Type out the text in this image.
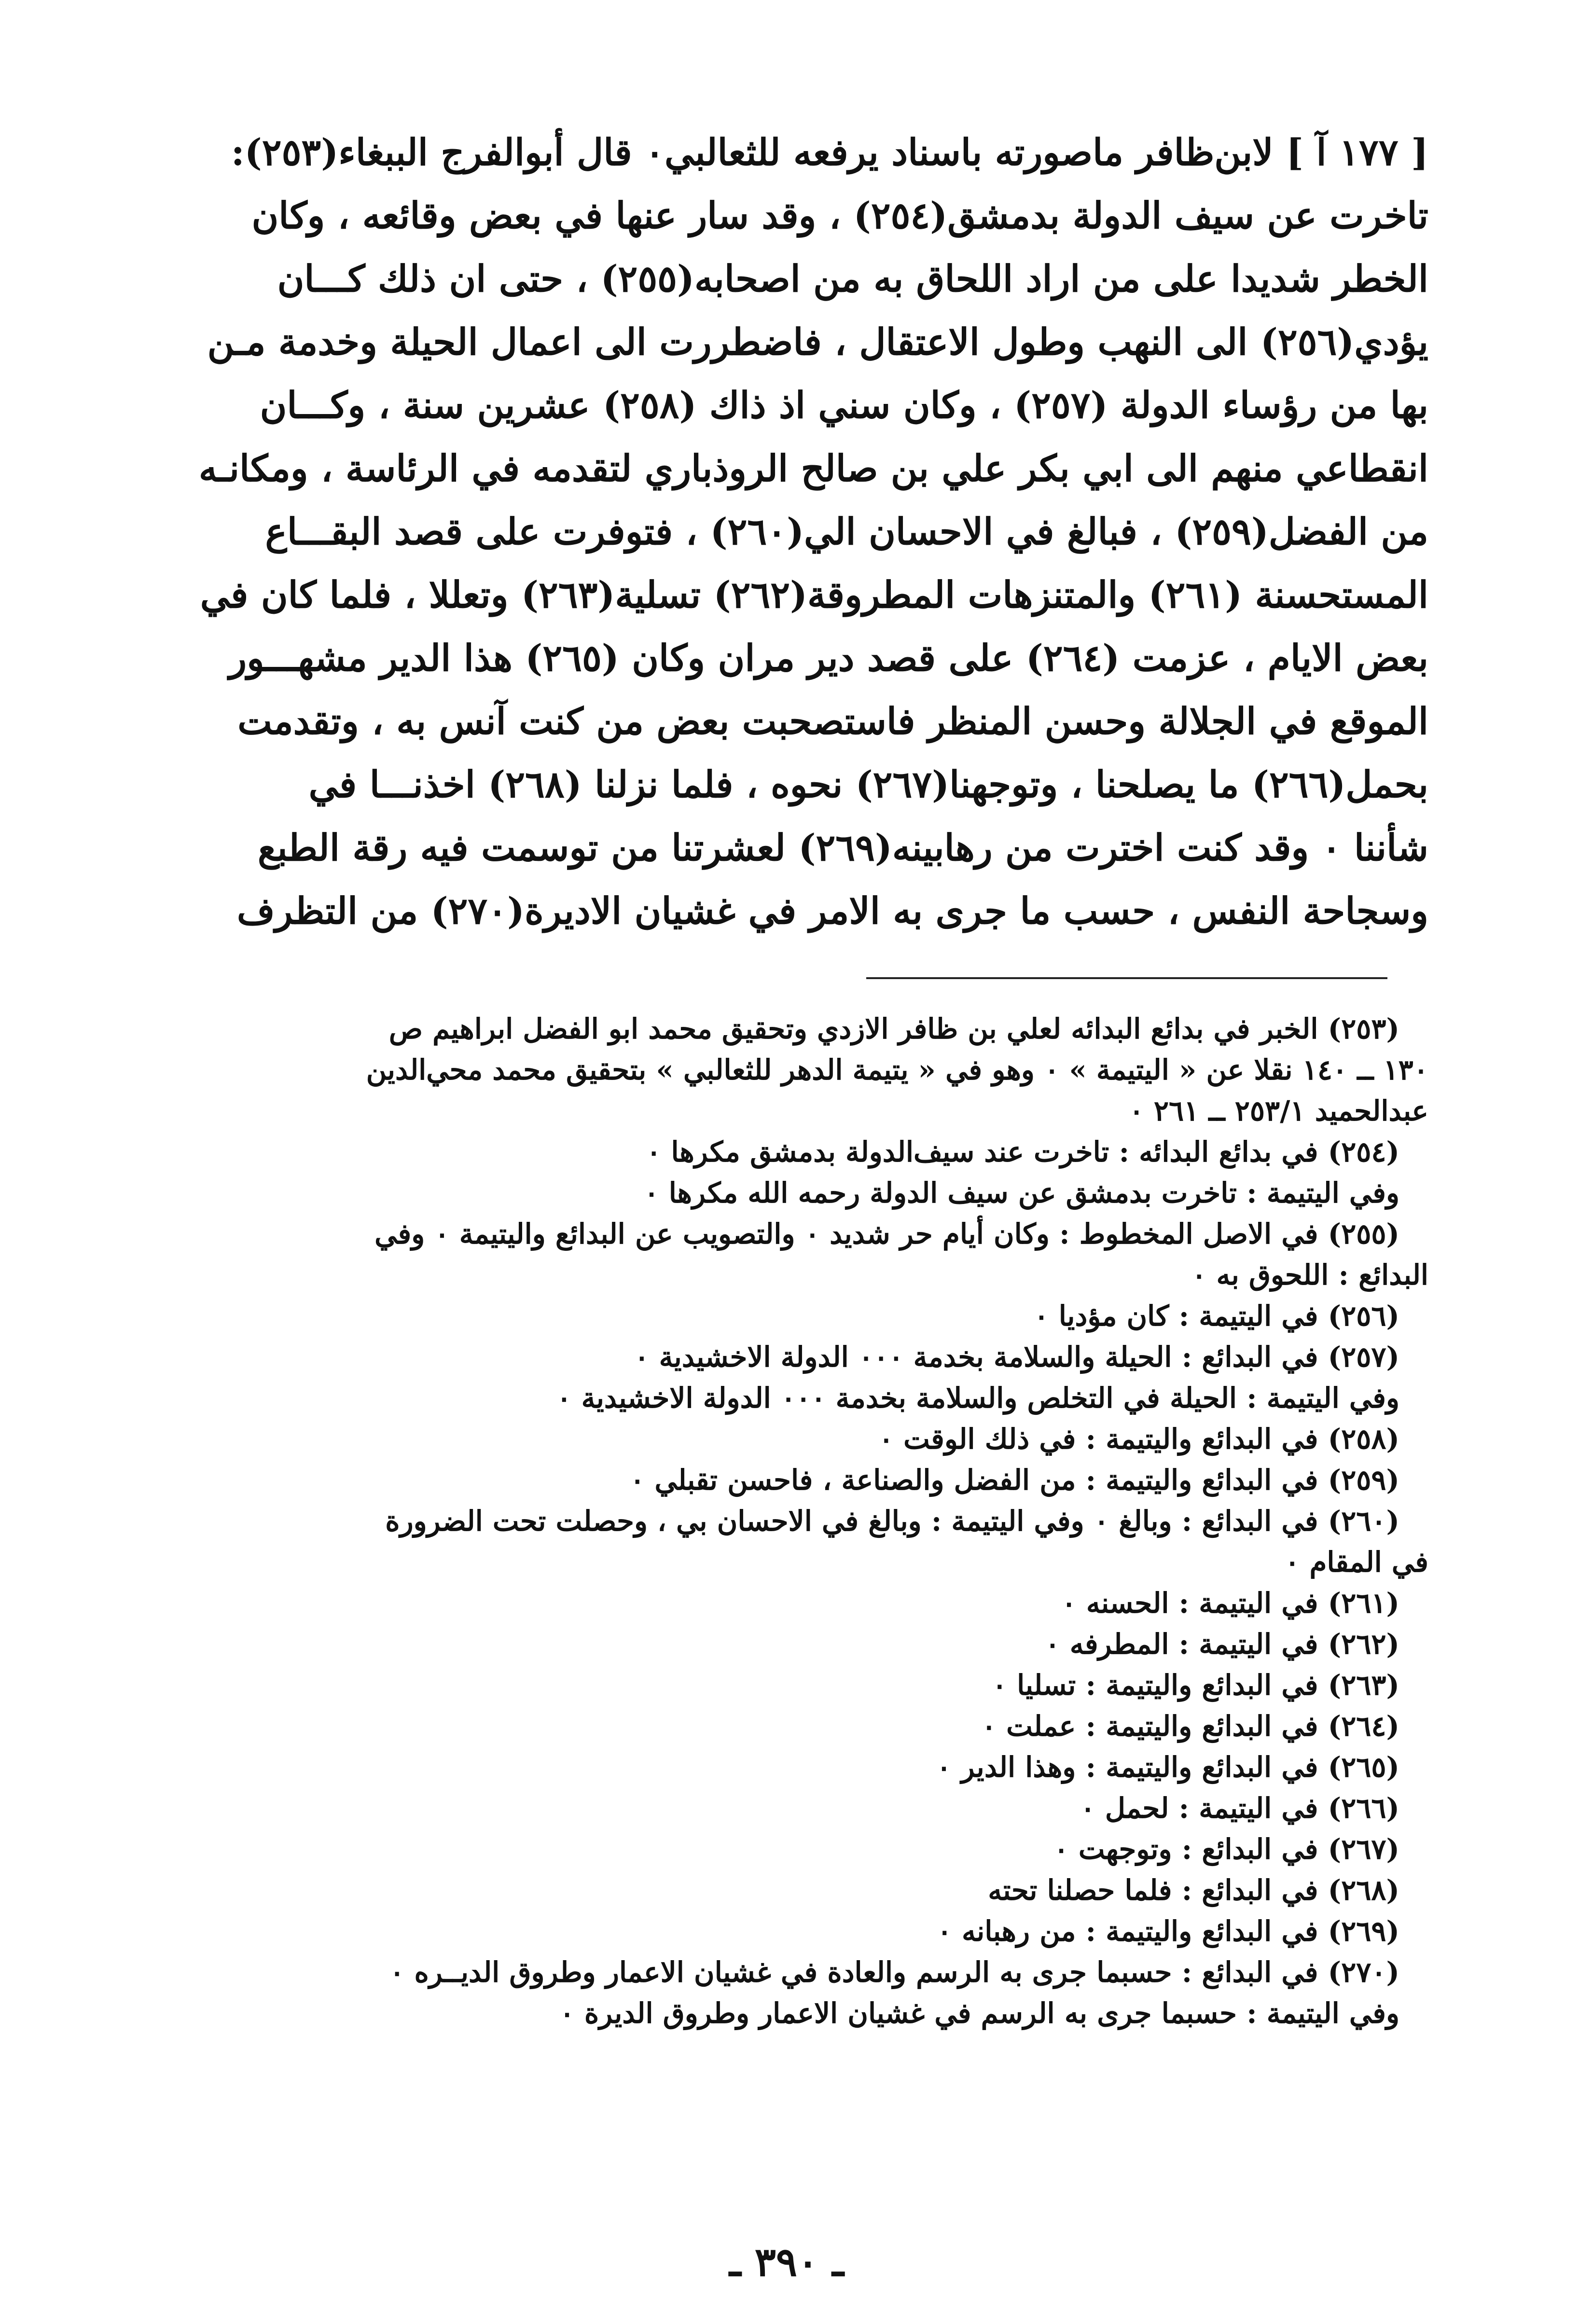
[ ١٧٧ آ ] لابن‌ظافر ماصورته باسناد يرفعه للثعالبي٠ قال أبوالفرج الببغاء(٢٥٣):
تاخرت عن سيف الدولة بدمشق(٢٥٤) ، وقد سار عنها في بعض وقائعه ، وكان
الخطر شديدا على من اراد اللحاق به من اصحابه(٢٥٥) ، حتى ان ذلك كـــان
يؤدي(٢٥٦) الى النهب وطول الاعتقال ، فاضطررت الى اعمال الحيلة وخدمة مـن
بها من رؤساء الدولة (٢٥٧) ، وكان سني اذ ذاك (٢٥٨) عشرين سنة ، وكـــان
انقطاعي منهم الى ابي بكر علي بن صالح الروذباري لتقدمه في الرئاسة ، ومكانـه
من الفضل(٢٥٩) ، فبالغ في الاحسان الي(٢٦٠) ، فتوفرت على قصد البقـــاع
المستحسنة (٢٦١) والمتنزهات المطروقة(٢٦٢) تسلية(٢٦٣) وتعللا ، فلما كان في
بعض الايام ، عزمت (٢٦٤) على قصد دير مران وكان (٢٦٥) هذا الدير مشهـــور
الموقع في الجلالة وحسن المنظر فاستصحبت بعض من كنت آنس به ، وتقدمت
بحمل(٢٦٦) ما يصلحنا ، وتوجهنا(٢٦٧) نحوه ، فلما نزلنا (٢٦٨) اخذنـــا في
شأننا ٠ وقد كنت اخترت من رهابينه(٢٦٩) لعشرتنا من توسمت فيه رقة الطبع
وسجاحة النفس ، حسب ما جرى به الامر في غشيان الاديرة(٢٧٠) من التظرف
(٢٥٣) الخبر في بدائع البدائه لعلي بن ظافر الازدي وتحقيق محمد ابو الفضل ابراهيم ص
١٣٠ ــ ١٤٠ نقلا عن « اليتيمة » ٠ وهو في « يتيمة الدهر للثعالبي » بتحقيق محمد محي‌الدين
عبدالحميد ٢٥٣/١ ــ ٢٦١ ٠
(٢٥٤) في بدائع البدائه : تاخرت عند سيف‌الدولة بدمشق مكرها ٠
وفي اليتيمة : تاخرت بدمشق عن سيف الدولة رحمه الله مكرها ٠
(٢٥٥) في الاصل المخطوط : وكان أيام حر شديد ٠ والتصويب عن البدائع واليتيمة ٠ وفي
البدائع : اللحوق به ٠
(٢٥٦) في اليتيمة : كان مؤديا ٠
(٢٥٧) في البدائع : الحيلة والسلامة بخدمة ٠٠٠ الدولة الاخشيدية ٠
وفي اليتيمة : الحيلة في التخلص والسلامة بخدمة ٠٠٠ الدولة الاخشيدية ٠
(٢٥٨) في البدائع واليتيمة : في ذلك الوقت ٠
(٢٥٩) في البدائع واليتيمة : من الفضل والصناعة ، فاحسن تقبلي ٠
(٢٦٠) في البدائع : وبالغ ٠ وفي اليتيمة : وبالغ في الاحسان بي ، وحصلت تحت الضرورة
في المقام ٠
(٢٦١) في اليتيمة : الحسنه ٠
(٢٦٢) في اليتيمة : المطرفه ٠
(٢٦٣) في البدائع واليتيمة : تسليا ٠
(٢٦٤) في البدائع واليتيمة : عملت ٠
(٢٦٥) في البدائع واليتيمة : وهذا الدير ٠
(٢٦٦) في اليتيمة : لحمل ٠
(٢٦٧) في البدائع : وتوجهت ٠
(٢٦٨) في البدائع : فلما حصلنا تحته
(٢٦٩) في البدائع واليتيمة : من رهبانه ٠
(٢٧٠) في البدائع : حسبما جرى به الرسم والعادة في غشيان الاعمار وطروق الديــره ٠
وفي اليتيمة : حسبما جرى به الرسم في غشيان الاعمار وطروق الديرة ٠
ـ ٣٩٠ ـ
